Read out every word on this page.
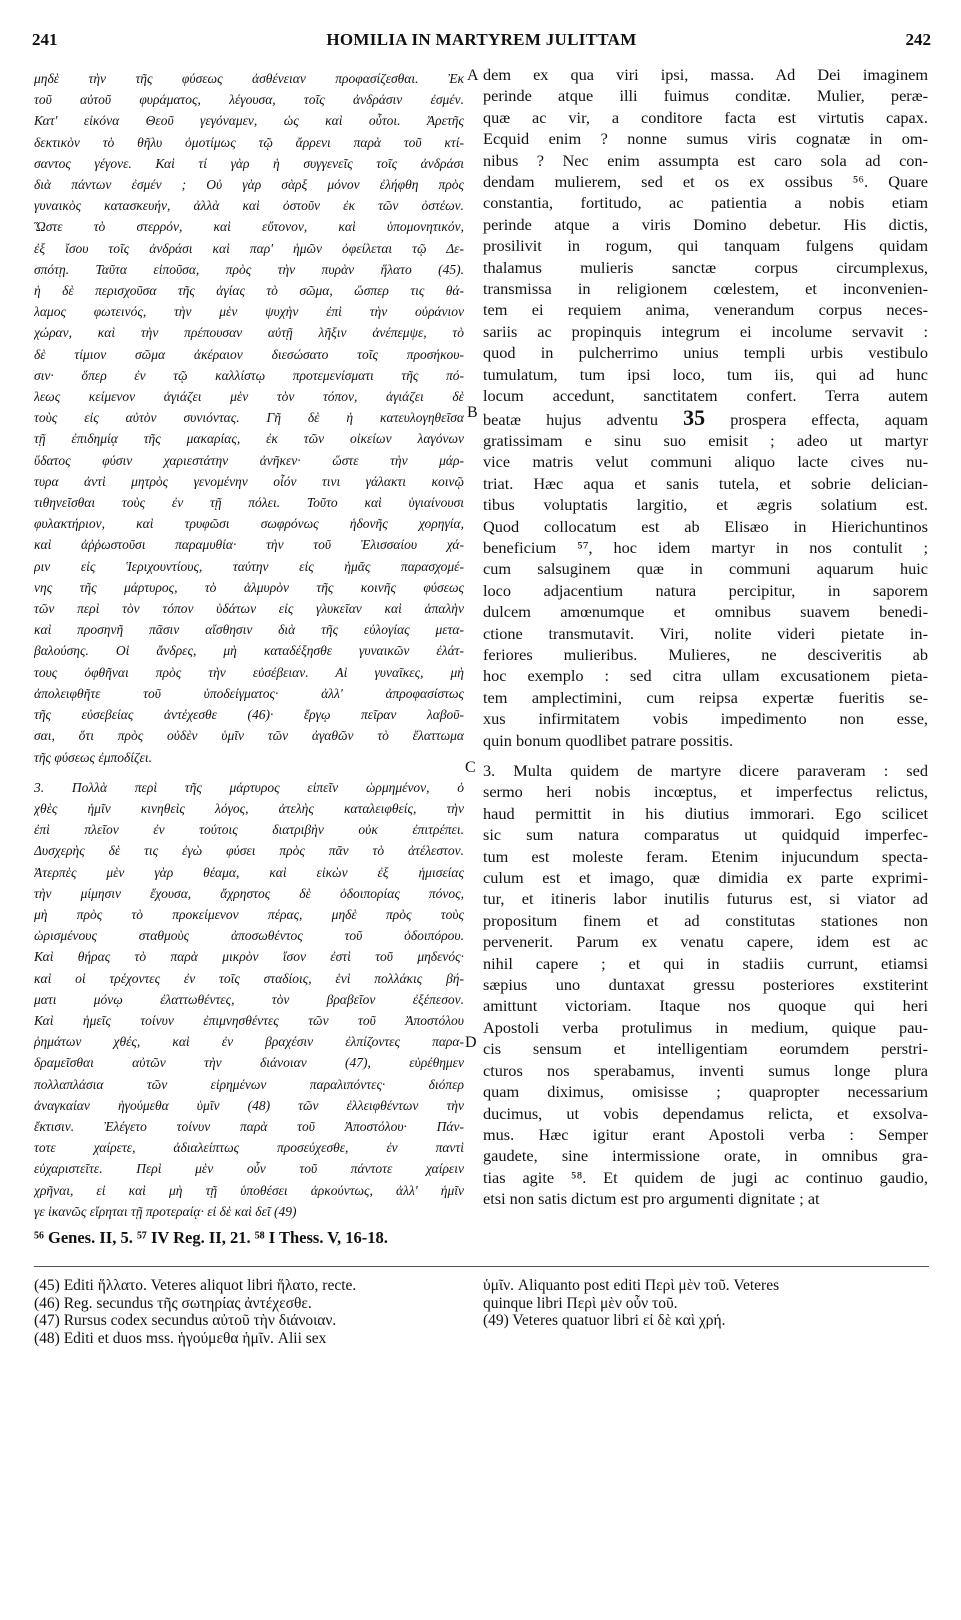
241	HOMILIA IN MARTYREM JULITTAM	242
μηδὲ τὴν τῆς φύσεως ἀσθένειαν προφασίζεσθαι. Ἐκ
τοῦ αὐτοῦ φυράματος, λέγουσα, τοῖς ἀνδράσιν ἐσμέν.
Κατ' εἰκόνα Θεοῦ γεγόναμεν, ὡς καὶ οὗτοι. Ἀρετῆς
δεκτικὸν τὸ θῆλυ ὁμοτίμως τῷ ἄρρενι παρὰ τοῦ κτί-
σαντος γέγονε. Καὶ τί γὰρ ἡ συγγενεῖς τοῖς ἀνδράσι
διὰ πάντων ἐσμέν ; Οὐ γὰρ σὰρξ μόνον ἐλήφθη πρὸς
γυναικὸς κατασκευήν, ἀλλὰ καὶ ὀστοῦν ἐκ τῶν ὀστέων.
Ὥστε τὸ στερρόν, καὶ εὔτονον, καὶ ὑπομονητικόν,
ἐξ ἴσου τοῖς ἀνδράσι καὶ παρ' ἡμῶν ὀφείλεται τῷ Δε-
σπότῃ. Ταῦτα εἰποῦσα, πρὸς τὴν πυρὰν ἥλατο (45).
ἡ δὲ περισχοῦσα τῆς ἁγίας τὸ σῶμα, ὥσπερ τις θά-
λαμος φωτεινός, τὴν μὲν ψυχὴν ἐπὶ τὴν οὐράνιον
χώραν, καὶ τὴν πρέπουσαν αὐτῇ λῆξιν ἀνέπεμψε, τὸ
δὲ τίμιον σῶμα ἀκέραιον διεσώσατο τοῖς προσήκου-
σιν· ὅπερ ἐν τῷ καλλίστῳ προτεμενίσματι τῆς πό-
λεως κείμενον ἁγιάζει μὲν τὸν τόπον, ἁγιάζει δὲ
τοὺς εἰς αὐτὸν συνιόντας. Γῆ δὲ ἡ κατευλογηθεῖσα
τῇ ἐπιδημίᾳ τῆς μακαρίας, ἐκ τῶν οἰκείων λαγόνων
ὕδατος φύσιν χαριεστάτην ἀνῆκεν· ὥστε τὴν μάρ-
τυρα ἀντὶ μητρὸς γενομένην οἷόν τινι γάλακτι κοινῷ
τιθηνεῖσθαι τοὺς ἐν τῇ πόλει. Τοῦτο καὶ ὑγιαίνουσι
φυλακτήριον, καὶ τρυφῶσι σωφρόνως ἡδονῆς χορηγία,
καὶ ἀῤῥωστοῦσι παραμυθία· τὴν τοῦ Ἐλισσαίου χά-
ριν εἰς Ἱεριχουντίους, ταύτην εἰς ἡμᾶς παρασχομέ-
νης τῆς μάρτυρος, τὸ ἁλμυρὸν τῆς κοινῆς φύσεως
τῶν περὶ τὸν τόπον ὑδάτων εἰς γλυκεῖαν καὶ ἁπαλὴν
καὶ προσηνῆ πᾶσιν αἴσθησιν διὰ τῆς εὐλογίας μετα-
βαλούσης. Οἱ ἄνδρες, μὴ καταδέξησθε γυναικῶν ἐλάτ-
τους ὀφθῆναι πρὸς τὴν εὐσέβειαν. Αἱ γυναῖκες, μὴ
ἀπολειφθῆτε τοῦ ὑποδείγματος· ἀλλ' ἀπροφασίστως
τῆς εὐσεβείας ἀντέχεσθε (46)· ἔργῳ πεῖραν λαβοῦ-
σαι, ὅτι πρὸς οὐδὲν ὑμῖν τῶν ἀγαθῶν τὸ ἔλαττωμα
τῆς φύσεως ἐμποδίζει.
3. Πολλὰ περὶ τῆς μάρτυρος εἰπεῖν ὡρμημένον, ὁ
χθὲς ἡμῖν κινηθεὶς λόγος, ἀτελὴς καταλειφθείς, τὴν
ἐπὶ πλεῖον ἐν τούτοις διατριβὴν οὐκ ἐπιτρέπει.
Δυσχερὴς δὲ τις ἐγὼ φύσει πρὸς πᾶν τὸ ἀτέλεστον.
Ἀτερπὲς μὲν γὰρ θέαμα, καὶ εἰκὼν ἐξ ἡμισείας
τὴν μίμησιν ἔχουσα, ἄχρηστος δὲ ὁδοιπορίας πόνος,
μὴ πρὸς τὸ προκείμενον πέρας, μηδὲ πρὸς τοὺς
ὡρισμένους σταθμοὺς ἀποσωθέντος τοῦ ὁδοιπόρου.
Καὶ θήρας τὸ παρὰ μικρὸν ἴσον ἐστὶ τοῦ μηδενός·
καὶ οἱ τρέχοντες ἐν τοῖς σταδίοις, ἑνὶ πολλάκις βή-
ματι μόνῳ ἐλαττωθέντες, τὸν βραβεῖον ἐξέπεσον.
Καὶ ἡμεῖς τοίνυν ἐπιμνησθέντες τῶν τοῦ Ἀποστόλου
ῥημάτων χθές, καὶ ἐν βραχέσιν ἐλπίζοντες παρα-
δραμεῖσθαι αὐτῶν τὴν διάνοιαν (47), εὑρέθημεν
πολλαπλάσια τῶν εἰρημένων παραλιπόντες· διόπερ
ἀναγκαίαν ἡγούμεθα ὑμῖν (48) τῶν ἐλλειφθέντων τὴν
ἔκτισιν. Ἐλέγετο τοίνυν παρὰ τοῦ Ἀποστόλου· Πάν-
τοτε χαίρετε, ἀδιαλείπτως προσεύχεσθε, ἐν παντὶ
εὐχαριστεῖτε. Περὶ μὲν οὖν τοῦ πάντοτε χαίρειν
χρῆναι, εἰ καὶ μὴ τῇ ὑποθέσει ἀρκούντως, ἀλλ' ἡμῖν
γε ἱκανῶς εἴρηται τῇ προτεραίᾳ· εἰ δὲ καὶ δεῖ (49)
dem ex qua viri ipsi, massa. Ad Dei imaginem
perinde atque illi fuimus conditæ. Mulier, peræ-
quæ ac vir, a conditore facta est virtutis capax.
Ecquid enim ? nonne sumus viris cognatæ in om-
nibus ? Nec enim assumpta est caro sola ad con-
dendam mulierem, sed et os ex ossibus ⁵⁶. Quare
constantia, fortitudo, ac patientia a nobis etiam
perinde atque a viris Domino debetur. His dictis,
prosilivit in rogum, qui tanquam fulgens quidam
thalamus mulieris sanctæ corpus circumplexus,
transmissa in religionem cœlestem, et inconvenien-
tem ei requiem anima, venerandum corpus neces-
sariis ac propinquis integrum ei incolume servavit :
quod in pulcherrimo unius templi urbis vestibulo
tumulatum, tum ipsi loco, tum iis, qui ad hunc
locum accedunt, sanctitatem confert. Terra autem
beatæ hujus adventu 35 prospera effecta, aquam
gratissimam e sinu suo emisit ; adeo ut martyr
vice matris velut communi aliquo lacte cives nu-
triat. Hæc aqua et sanis tutela, et sobrie delician-
tibus voluptatis largitio, et ægris solatium est.
Quod collocatum est ab Elisæo in Hierichuntinos
beneficium ⁵⁷, hoc idem martyr in nos contulit ;
cum salsuginem quæ in communi aquarum huic
loco adjacentium natura percipitur, in saporem
dulcem amœnumque et omnibus suavem benedi-
ctione transmutavit. Viri, nolite videri pietate in-
feriores mulieribus. Mulieres, ne desciveritis ab
hoc exemplo : sed citra ullam excusationem pieta-
tem amplectimini, cum reipsa expertæ fueritis se-
xus infirmitatem vobis impedimento non esse,
quin bonum quodlibet patrare possitis.
3. Multa quidem de martyre dicere paraveram : sed
sermo heri nobis incœptus, et imperfectus relictus,
haud permittit in his diutius immorari. Ego scilicet
sic sum natura comparatus ut quidquid imperfec-
tum est moleste feram. Etenim injucundum specta-
culum est et imago, quæ dimidia ex parte exprimi-
tur, et itineris labor inutilis futurus est, si viator ad
propositum finem et ad constitutas stationes non
pervenerit. Parum ex venatu capere, idem est ac
nihil capere ; et qui in stadiis currunt, etiamsi
sæpius uno duntaxat gressu posteriores exstiterint
amittunt victoriam. Itaque nos quoque qui heri
Apostoli verba protulimus in medium, quique pau-
cis sensum et intelligentiam eorumdem perstri-
cturos nos sperabamus, inventi sumus longe plura
quam diximus, omisisse ; quapropter necessarium
ducimus, ut vobis dependamus relicta, et exsolva-
mus. Hæc igitur erant Apostoli verba : Semper
gaudete, sine intermissione orate, in omnibus gra-
tias agite ⁵⁸. Et quidem de jugi ac continuo gaudio,
etsi non satis dictum est pro argumenti dignitate ; at
A
B
C
D
⁵⁶ Genes. II, 5. ⁵⁷ IV Reg. II, 21. ⁵⁸ I Thess. V, 16-18.
(45) Editi ἥλλατο. Veteres aliquot libri ἥλατο, recte.
(46) Reg. secundus τῆς σωτηρίας ἀντέχεσθε.
(47) Rursus codex secundus αὐτοῦ τὴν διάνοιαν.
(48) Editi et duos mss. ἡγούμεθα ἡμῖν. Alii sex
ὑμῖν. Aliquanto post editi Περὶ μὲν τοῦ. Veteres
quinque libri Περὶ μὲν οὖν τοῦ.
(49) Veteres quatuor libri εἰ δὲ καὶ χρή.
